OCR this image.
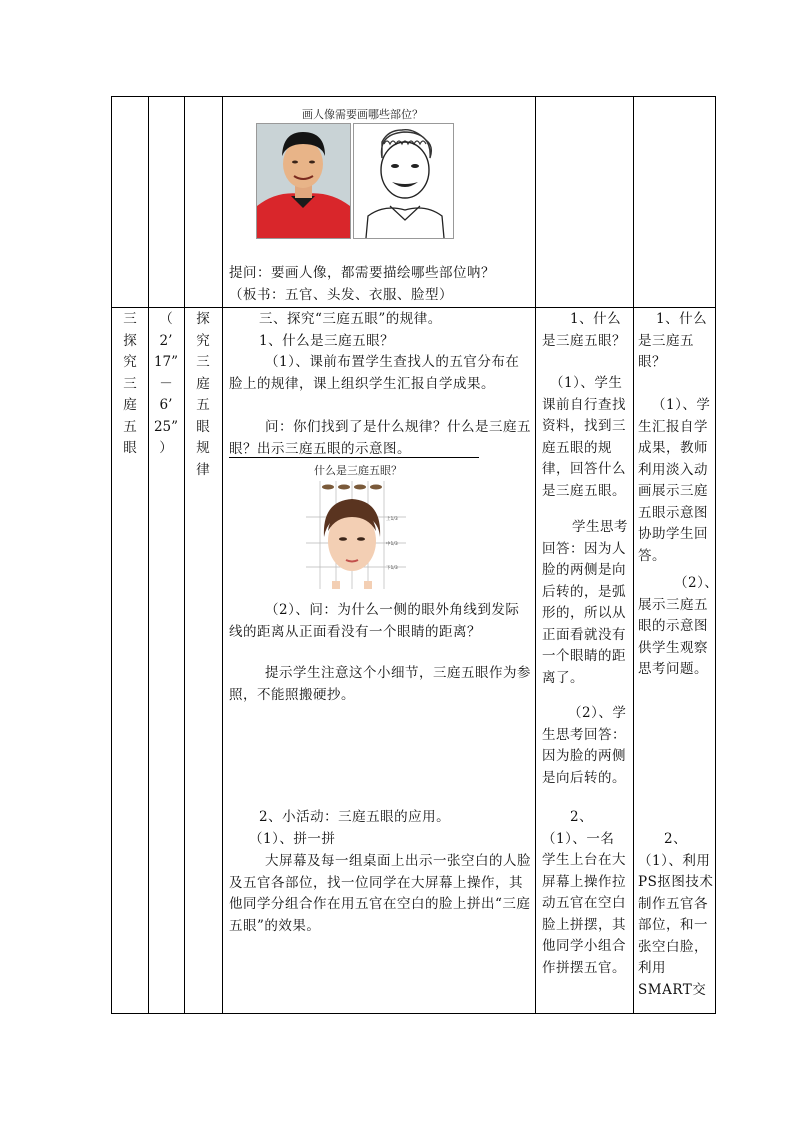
画人像需要画哪些部位？
提问：要画人像，都需要描绘哪些部位呐？
（板书：五官、头发、衣服、脸型）
三
探
究
三
庭
五
眼
（
2’
17”
－
6’
25”
）
探
究
三
庭
五
眼
规
律
三、探究“三庭五眼”的规律。
1、什么是三庭五眼？
（1）、课前布置学生查找人的五官分布在脸上的规律，课上组织学生汇报自学成果。
问：你们找到了是什么规律？什么是三庭五眼？出示三庭五眼的示意图。
什么是三庭五眼？
上1/3
中1/3
下1/3
（2）、问：为什么一侧的眼外角线到发际线的距离从正面看没有一个眼睛的距离？
提示学生注意这个小细节，三庭五眼作为参照，不能照搬硬抄。
2、小活动：三庭五眼的应用。
（1）、拼一拼
大屏幕及每一组桌面上出示一张空白的人脸及五官各部位，找一位同学在大屏幕上操作，其他同学分组合作在用五官在空白的脸上拼出“三庭五眼”的效果。
1、什么是三庭五眼？
（1）、学生课前自行查找资料，找到三庭五眼的规律，回答什么是三庭五眼。
学生思考回答：因为人脸的两侧是向后转的，是弧形的，所以从正面看就没有一个眼睛的距离了。
（2）、学生思考回答：因为脸的两侧是向后转的。
2、（1）、一名学生上台在大屏幕上操作拉动五官在空白脸上拼摆，其他同学小组合作拼摆五官。
1、什么是三庭五眼？
（1）、学生汇报自学成果，教师利用淡入动画展示三庭五眼示意图协助学生回答。
（2）、展示三庭五眼的示意图供学生观察思考问题。
2、（1）、利用PS抠图技术制作五官各部位，和一张空白脸，利用SMART交
